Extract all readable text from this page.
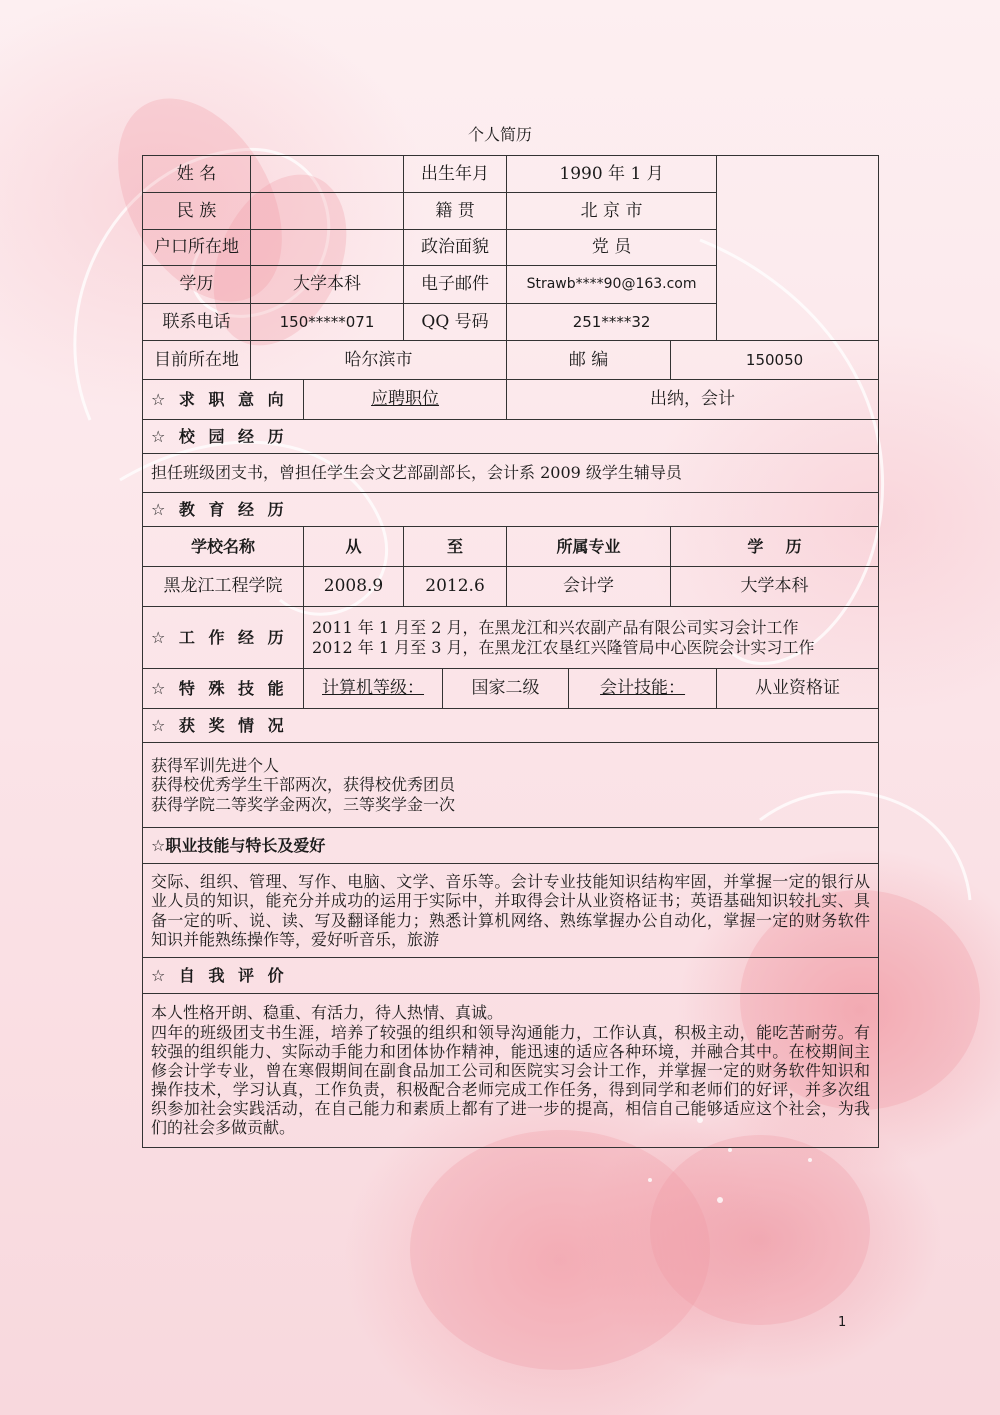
个人简历
姓 名			出生年月		1990 年 1 月			
民 族			籍 贯		北 京 市			
户口所在地			政治面貌		党 员			
学历	大学本科		电子邮件		Strawb****90@163.com			
联系电话	150*****071		QQ 号码		251****32			
目前所在地	哈尔滨市				邮 编		150050	
☆ 求 职 意 向		应聘职位			出纳，会计			
☆ 校 园 经 历								
担任班级团支书，曾担任学生会文艺部副部长，会计系 2009 级学生辅导员								
☆ 教 育 经 历								
学校名称		从	至		所属专业		学    历	
黑龙江工程学院		2008.9	2012.6		会计学		大学本科	
☆ 工 作 经 历		2011 年 1 月至 2 月，在黑龙江和兴农副产品有限公司实习会计工作
2012 年 1 月至 3 月，在黑龙江农垦红兴隆管局中心医院会计实习工作						

☆ 特 殊 技 能		计算机等级：		国家二级		会计技能：		从业资格证
☆ 获 奖 情 况								

获得军训先进个人
获得校优秀学生干部两次，获得校优秀团员
获得学院二等奖学金两次，三等奖学金一次								

☆职业技能与特长及爱好								
交际、组织、管理、写作、电脑、文学、音乐等。会计专业技能知识结构牢固，并掌握一定的银行从业人员的知识，能充分并成功的运用于实际中，并取得会计从业资格证书；英语基础知识较扎实、具备一定的听、说、读、写及翻译能力；熟悉计算机网络、熟练掌握办公自动化，掌握一定的财务软件知识并能熟练操作等，爱好听音乐，旅游								
☆ 自 我 评 价								

本人性格开朗、稳重、有活力，待人热情、真诚。
四年的班级团支书生涯，培养了较强的组织和领导沟通能力，工作认真，积极主动，能吃苦耐劳。有较强的组织能力、实际动手能力和团体协作精神，能迅速的适应各种环境，并融合其中。在校期间主修会计学专业，曾在寒假期间在副食品加工公司和医院实习会计工作，并掌握一定的财务软件知识和操作技术，学习认真，工作负责，积极配合老师完成工作任务，得到同学和老师们的好评，并多次组织参加社会实践活动，在自己能力和素质上都有了进一步的提高，相信自己能够适应这个社会，为我们的社会多做贡献。								
1
